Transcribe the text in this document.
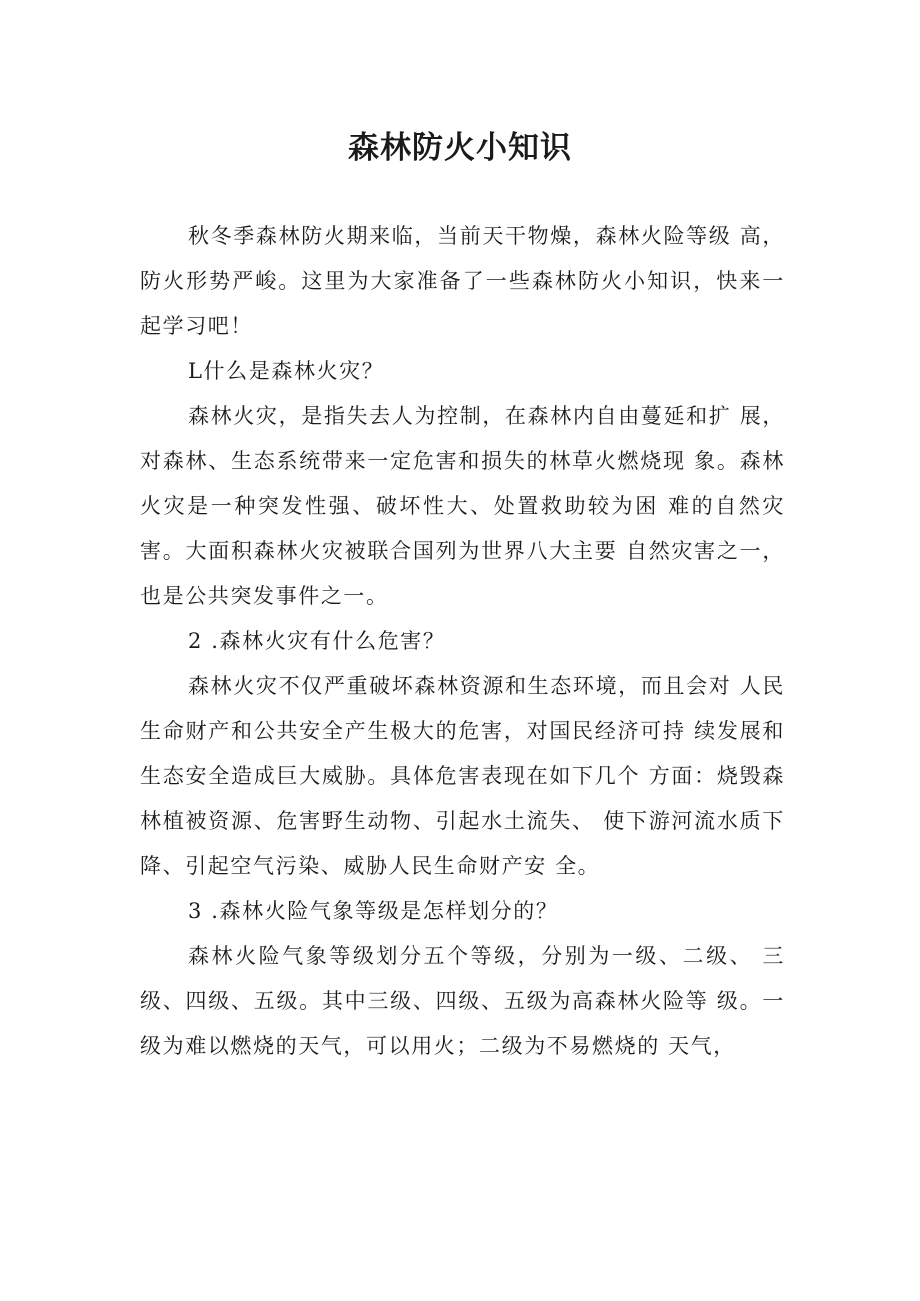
森林防火小知识

秋冬季森林防火期来临，当前天干物燥，森林火险等级 高，防火形势严峻。这里为大家准备了一些森林防火小知识，快来一起学习吧！

L什么是森林火灾？

森林火灾，是指失去人为控制，在森林内自由蔓延和扩 展，对森林、生态系统带来一定危害和损失的林草火燃烧现 象。森林火灾是一种突发性强、破坏性大、处置救助较为困 难的自然灾害。大面积森林火灾被联合国列为世界八大主要 自然灾害之一，也是公共突发事件之一。

2 .森林火灾有什么危害？

森林火灾不仅严重破坏森林资源和生态环境，而且会对 人民生命财产和公共安全产生极大的危害，对国民经济可持 续发展和生态安全造成巨大威胁。具体危害表现在如下几个 方面：烧毁森林植被资源、危害野生动物、引起水土流失、 使下游河流水质下降、引起空气污染、威胁人民生命财产安 全。

3 .森林火险气象等级是怎样划分的？

森林火险气象等级划分五个等级，分别为一级、二级、 三级、四级、五级。其中三级、四级、五级为高森林火险等 级。一级为难以燃烧的天气，可以用火；二级为不易燃烧的 天气，
